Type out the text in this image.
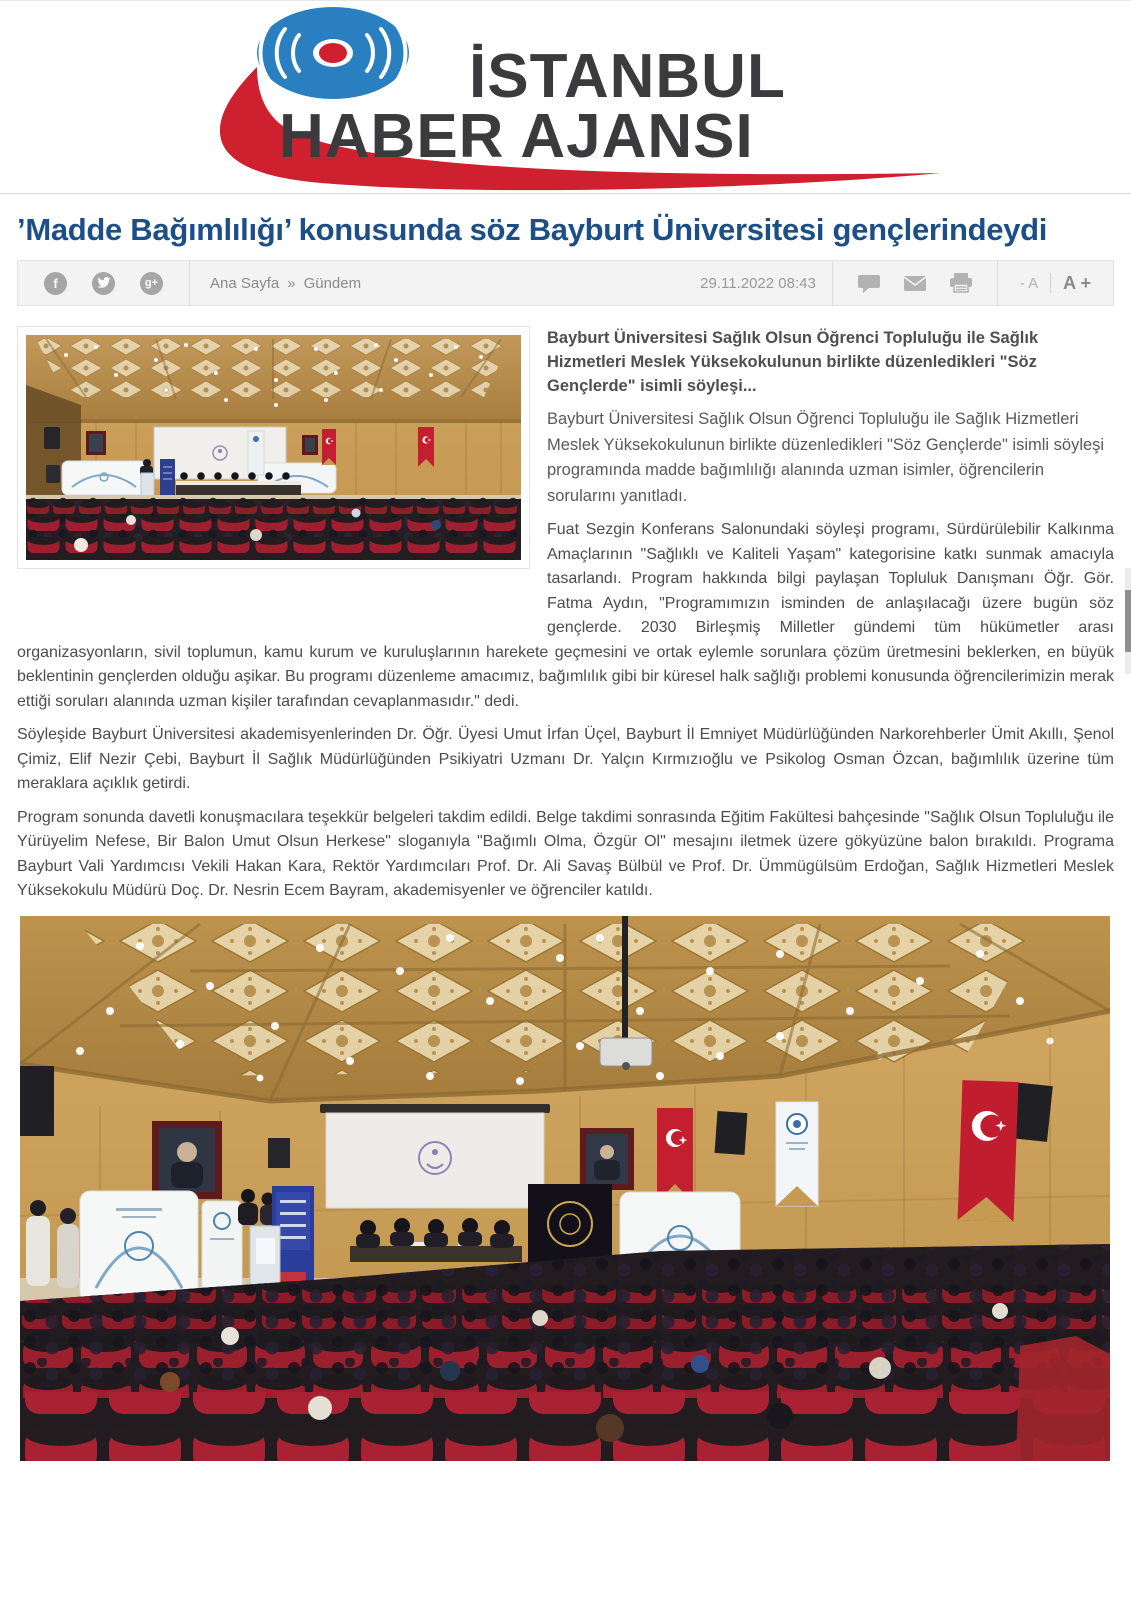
İSTANBUL
HABER AJANSI
’Madde Bağımlılığı’ konusunda söz Bayburt Üniversitesi gençlerindeydi
f	g+	Ana Sayfa » Gündem	29.11.2022 08:43	- A A +

Bayburt Üniversitesi Sağlık Olsun Öğrenci Topluluğu ile Sağlık Hizmetleri Meslek Yüksekokulunun birlikte düzenledikleri "Söz Gençlerde" isimli söyleşi...

Bayburt Üniversitesi Sağlık Olsun Öğrenci Topluluğu ile Sağlık Hizmetleri Meslek Yüksekokulunun birlikte düzenledikleri "Söz Gençlerde" isimli söyleşi programında madde bağımlılığı alanında uzman isimler, öğrencilerin sorularını yanıtladı.

Fuat Sezgin Konferans Salonundaki söyleşi programı, Sürdürülebilir Kalkınma Amaçlarının "Sağlıklı ve Kaliteli Yaşam" kategorisine katkı sunmak amacıyla tasarlandı. Program hakkında bilgi paylaşan Topluluk Danışmanı Öğr. Gör. Fatma Aydın, "Programımızın isminden de anlaşılacağı üzere bugün söz gençlerde. 2030 Birleşmiş Milletler gündemi tüm hükümetler arası organizasyonların, sivil toplumun, kamu kurum ve kuruluşlarının harekete geçmesini ve ortak eylemle sorunlara çözüm üretmesini beklerken, en büyük beklentinin gençlerden olduğu aşikar. Bu programı düzenleme amacımız, bağımlılık gibi bir küresel halk sağlığı problemi konusunda öğrencilerimizin merak ettiği soruları alanında uzman kişiler tarafından cevaplanmasıdır." dedi.

Söyleşide Bayburt Üniversitesi akademisyenlerinden Dr. Öğr. Üyesi Umut İrfan Üçel, Bayburt İl Emniyet Müdürlüğünden Narkorehberler Ümit Akıllı, Şenol Çimiz, Elif Nezir Çebi, Bayburt İl Sağlık Müdürlüğünden Psikiyatri Uzmanı Dr. Yalçın Kırmızıoğlu ve Psikolog Osman Özcan, bağımlılık üzerine tüm meraklara açıklık getirdi.

Program sonunda davetli konuşmacılara teşekkür belgeleri takdim edildi. Belge takdimi sonrasında Eğitim Fakültesi bahçesinde "Sağlık Olsun Topluluğu ile Yürüyelim Nefese, Bir Balon Umut Olsun Herkese" sloganıyla "Bağımlı Olma, Özgür Ol" mesajını iletmek üzere gökyüzüne balon bırakıldı. Programa Bayburt Vali Yardımcısı Vekili Hakan Kara, Rektör Yardımcıları Prof. Dr. Ali Savaş Bülbül ve Prof. Dr. Ümmügülsüm Erdoğan, Sağlık Hizmetleri Meslek Yüksekokulu Müdürü Doç. Dr. Nesrin Ecem Bayram, akademisyenler ve öğrenciler katıldı.
